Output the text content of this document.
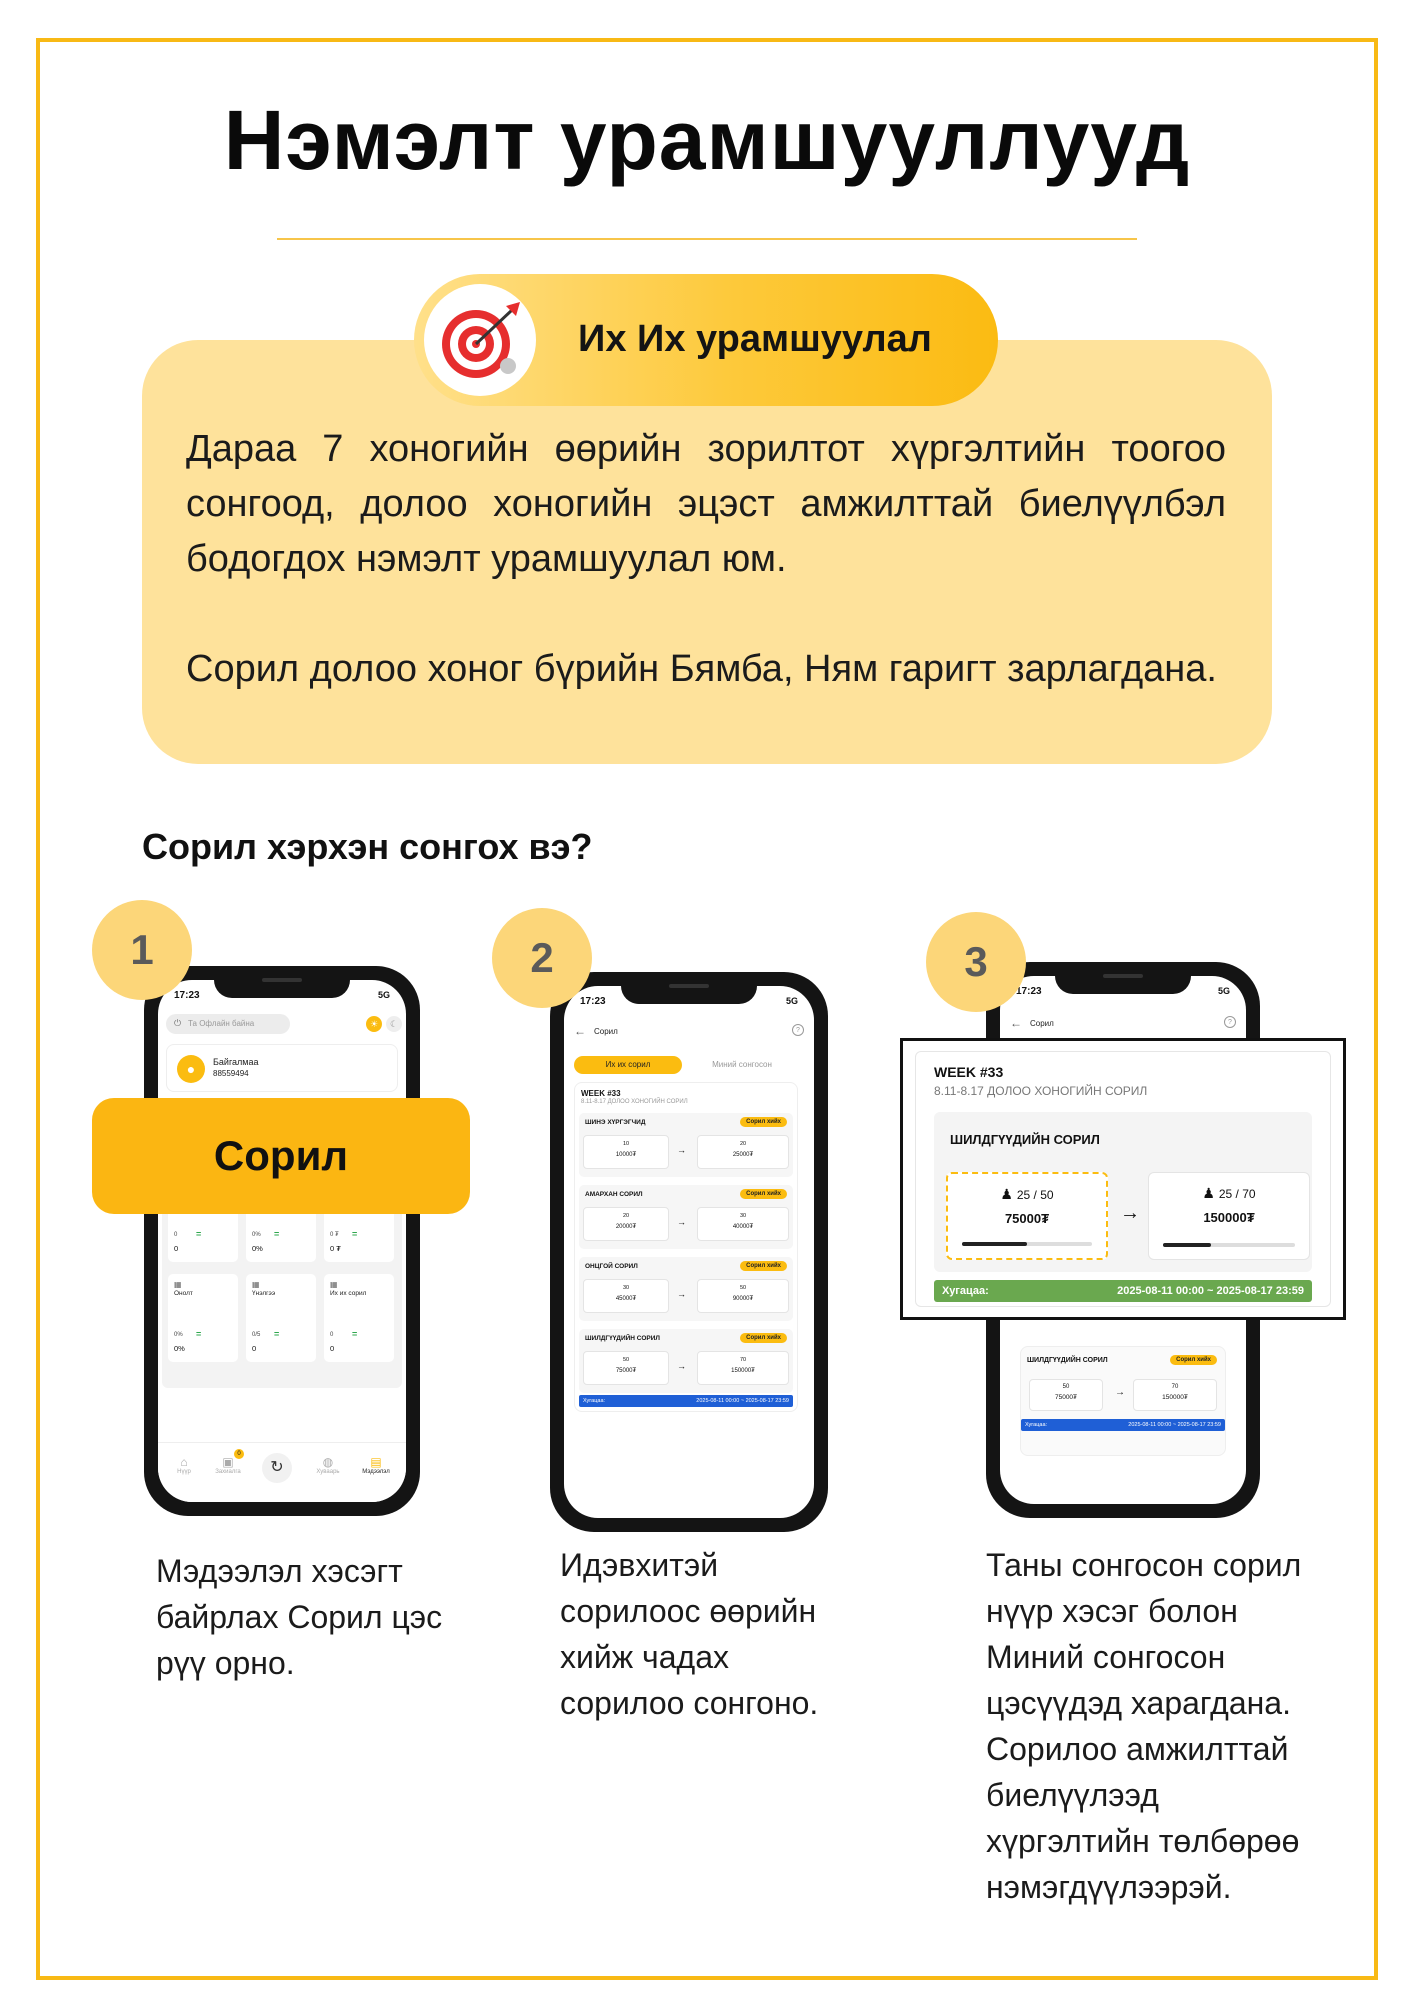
Нэмэлт урамшууллууд

Дараа 7 хоногийн өөрийн зорилтот хүргэлтийн тоогоо сонгоод, долоо хоногийн эцэст амжилттай биелүүлбэл бодогдох нэмэлт урамшуулал юм.

Сорил долоо хоног бүрийн Бямба, Ням гаригт зарлагдана.

Их Их урамшуулал
Сорил хэрхэн сонгох вэ?
17:23	5G
⏻ Та Офлайн байна	☀	☾
●	Байгалмаа
88559494
0 =
0
0% =
0%
0 ₮ =
0 ₮
▦
Онолт
0% =
0%
▦
Үнэлгээ
0/5 =
0
▦
Их их сорил
0 =
0
⌂
Нүүр
▣
Захиалга
0
↻	◍
Хуваарь
▤
Мэдээлэл
Сорил
1
Мэдээлэл хэсэгт байрлах Сорил цэс рүү орно.
17:23	5G
← Сорил	?
Их их сорил	Миний сонгосон
WEEK #33
8.11-8.17 ДОЛОО ХОНОГИЙН СОРИЛ
ШИНЭ ХҮРГЭГЧИД	Сорил хийх
10
10000₮	→
20
25000₮
АМАРХАН СОРИЛ	Сорил хийх
20
20000₮	→
30
40000₮
ОНЦГОЙ СОРИЛ	Сорил хийх
30
45000₮	→
50
90000₮
ШИЛДГҮҮДИЙН СОРИЛ	Сорил хийх
50
75000₮	→
70
150000₮
Хугацаа:	2025-08-11 00:00 ~ 2025-08-17 23:59
2
Идэвхитэй сорилоос өөрийн хийж чадах сорилоо сонгоно.
17:23	5G
← Сорил	?
ШИЛДГҮҮДИЙН СОРИЛ	Сорил хийх
50
75000₮	→	70
150000₮
Хугацаа:	2025-08-11 00:00 ~ 2025-08-17 23:59
3
WEEK #33
8.11-8.17 ДОЛОО ХОНОГИЙН СОРИЛ
ШИЛДГҮҮДИЙН СОРИЛ
♟ 25 / 50
75000₮	→
♟ 25 / 70
150000₮
Хугацаа:	2025-08-11 00:00 ~ 2025-08-17 23:59
Таны сонгосон сорил нүүр хэсэг болон Миний сонгосон цэсүүдэд харагдана. Сорилоо амжилттай биелүүлээд хүргэлтийн төлбөрөө нэмэгдүүлээрэй.
